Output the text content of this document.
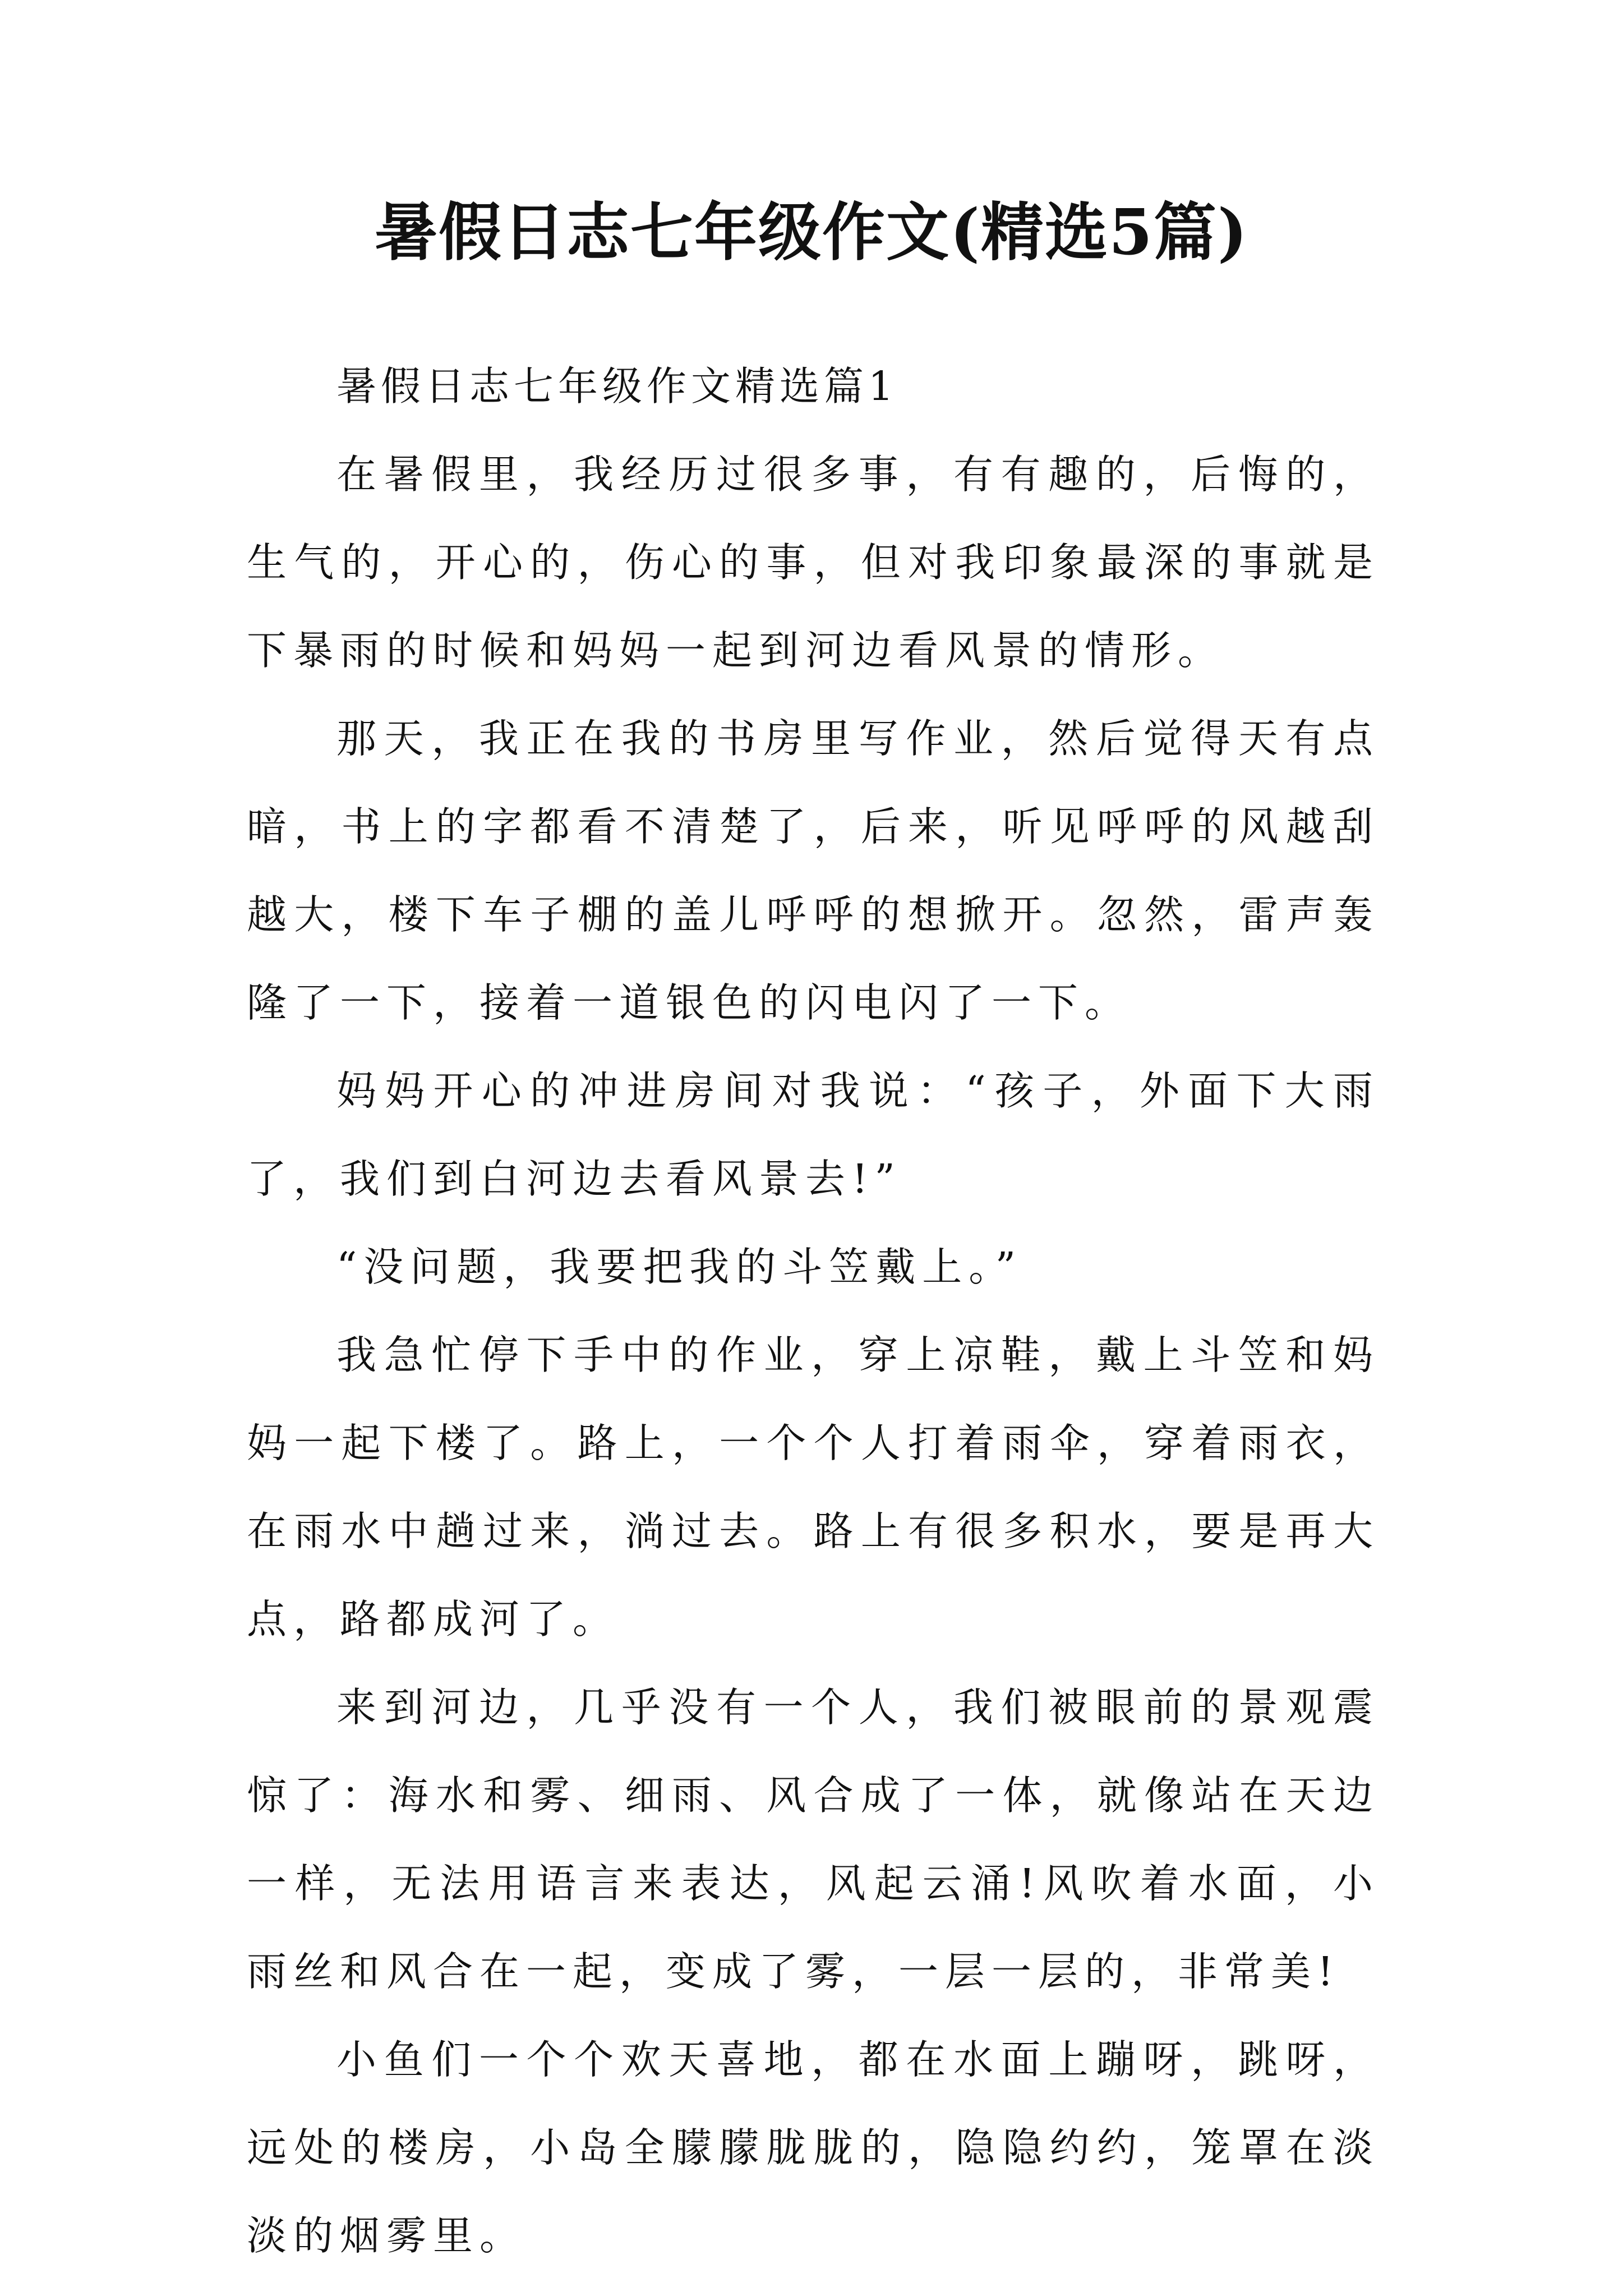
暑假日志七年级作文(精选5篇)

暑假日志七年级作文精选篇1

在暑假里，我经历过很多事，有有趣的，后悔的，生气的，开心的，伤心的事，但对我印象最深的事就是下暴雨的时候和妈妈一起到河边看风景的情形。

那天，我正在我的书房里写作业，然后觉得天有点暗，书上的字都看不清楚了，后来，听见呼呼的风越刮越大，楼下车子棚的盖儿呼呼的想掀开。忽然，雷声轰隆了一下，接着一道银色的闪电闪了一下。

妈妈开心的冲进房间对我说：“孩子，外面下大雨了，我们到白河边去看风景去!”

“没问题，我要把我的斗笠戴上。”

我急忙停下手中的作业，穿上凉鞋，戴上斗笠和妈妈一起下楼了。路上，一个个人打着雨伞，穿着雨衣，在雨水中趟过来，淌过去。路上有很多积水，要是再大点，路都成河了。

来到河边，几乎没有一个人，我们被眼前的景观震惊了：海水和雾、细雨、风合成了一体，就像站在天边一样，无法用语言来表达，风起云涌!风吹着水面，小雨丝和风合在一起，变成了雾，一层一层的，非常美!

小鱼们一个个欢天喜地，都在水面上蹦呀，跳呀，远处的楼房，小岛全朦朦胧胧的，隐隐约约，笼罩在淡淡的烟雾里。
